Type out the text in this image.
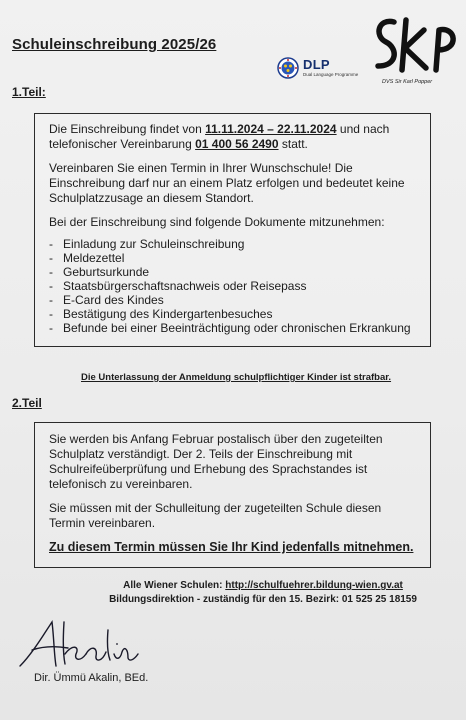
Schuleinschreibung 2025/26
DLP
Dual Language Programme
DVS Sir Karl Popper
1.Teil:

Die Einschreibung findet von 11.11.2024 – 22.11.2024 und nach telefonischer Vereinbarung 01 400 56 2490 statt.

Vereinbaren Sie einen Termin in Ihrer Wunschschule! Die Einschreibung darf nur an einem Platz erfolgen und bedeutet keine Schulplatzzusage an diesem Standort.

Bei der Einschreibung sind folgende Dokumente mitzunehmen:

- Einladung zur Schuleinschreibung
- Meldezettel
- Geburtsurkunde
- Staatsbürgerschaftsnachweis oder Reisepass
- E-Card des Kindes
- Bestätigung des Kindergartenbesuches
- Befunde bei einer Beeinträchtigung oder chronischen Erkrankung
Die Unterlassung der Anmeldung schulpflichtiger Kinder ist strafbar.
2.Teil

Sie werden bis Anfang Februar postalisch über den zugeteilten Schulplatz verständigt. Der 2. Teils der Einschreibung mit Schulreifeüberprüfung und Erhebung des Sprachstandes ist telefonisch zu vereinbaren.

Sie müssen mit der Schulleitung der zugeteilten Schule diesen Termin vereinbaren.

Zu diesem Termin müssen Sie Ihr Kind jedenfalls mitnehmen.

Alle Wiener Schulen: http://schulfuehrer.bildung-wien.gv.at
Bildungsdirektion - zuständig für den 15. Bezirk: 01 525 25 18159
Dir. Ümmü Akalin, BEd.
